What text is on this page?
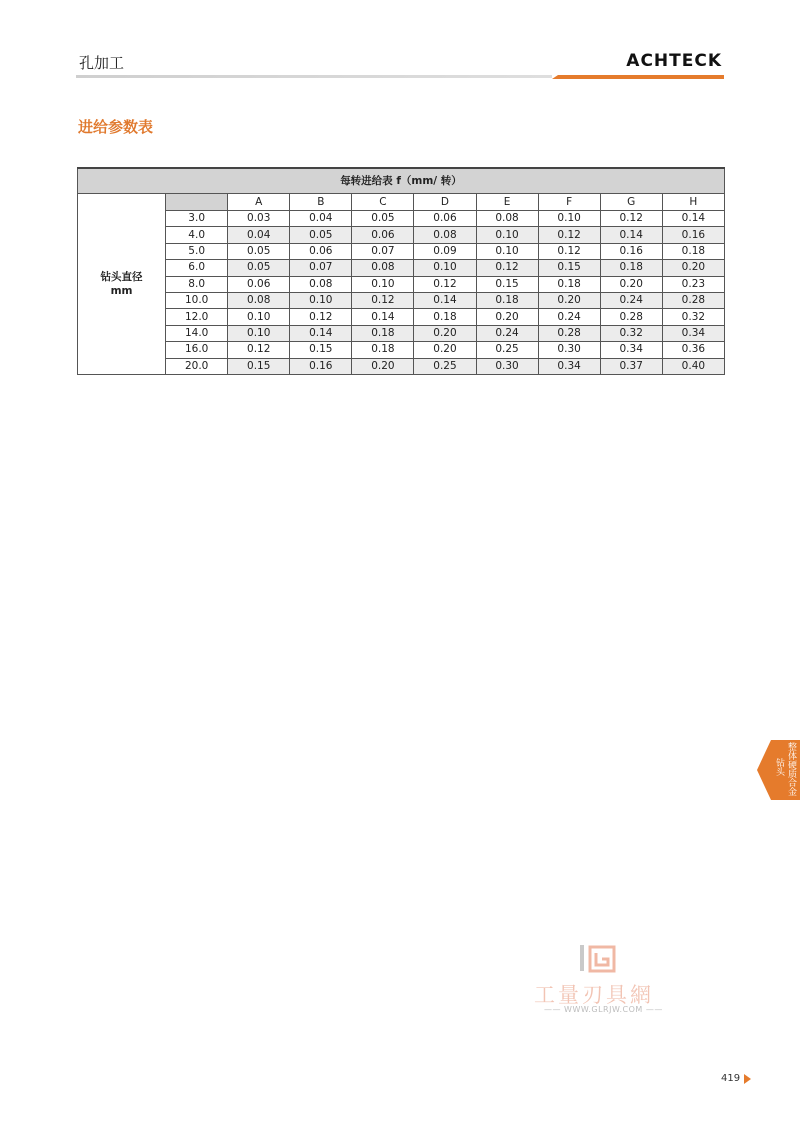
孔加工	ACHTECK
进给参数表
每转进给表 f（mm/ 转）									
钻头直径
mm		A	B	C	D	E	F	G	H
	3.0	0.03	0.04	0.05	0.06	0.08	0.10	0.12	0.14
	4.0	0.04	0.05	0.06	0.08	0.10	0.12	0.14	0.16
	5.0	0.05	0.06	0.07	0.09	0.10	0.12	0.16	0.18
	6.0	0.05	0.07	0.08	0.10	0.12	0.15	0.18	0.20
	8.0	0.06	0.08	0.10	0.12	0.15	0.18	0.20	0.23
	10.0	0.08	0.10	0.12	0.14	0.18	0.20	0.24	0.28
	12.0	0.10	0.12	0.14	0.18	0.20	0.24	0.28	0.32
	14.0	0.10	0.14	0.18	0.20	0.24	0.28	0.32	0.34
	16.0	0.12	0.15	0.18	0.20	0.25	0.30	0.34	0.36
	20.0	0.15	0.16	0.20	0.25	0.30	0.34	0.37	0.40
整体硬质合金
钻头
工量刃具網
—— WWW.GLRJW.COM ——
419
